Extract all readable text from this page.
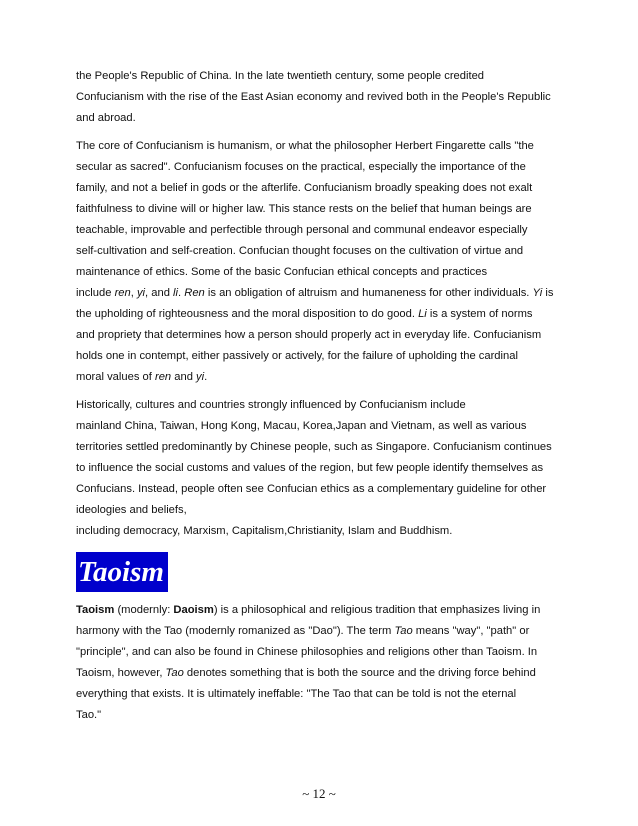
the People's Republic of China. In the late twentieth century, some people credited
Confucianism with the rise of the East Asian economy and revived both in the People's Republic
and abroad.

The core of Confucianism is humanism, or what the philosopher Herbert Fingarette calls "the
secular as sacred". Confucianism focuses on the practical, especially the importance of the
family, and not a belief in gods or the afterlife. Confucianism broadly speaking does not exalt
faithfulness to divine will or higher law. This stance rests on the belief that human beings are
teachable, improvable and perfectible through personal and communal endeavor especially
self-cultivation and self-creation. Confucian thought focuses on the cultivation of virtue and
maintenance of ethics. Some of the basic Confucian ethical concepts and practices
include ren, yi, and li. Ren is an obligation of altruism and humaneness for other individuals. Yi is
the upholding of righteousness and the moral disposition to do good. Li is a system of norms
and propriety that determines how a person should properly act in everyday life. Confucianism
holds one in contempt, either passively or actively, for the failure of upholding the cardinal
moral values of ren and yi.

Historically, cultures and countries strongly influenced by Confucianism include
mainland China, Taiwan, Hong Kong, Macau, Korea,Japan and Vietnam, as well as various
territories settled predominantly by Chinese people, such as Singapore. Confucianism continues
to influence the social customs and values of the region, but few people identify themselves as
Confucians. Instead, people often see Confucian ethics as a complementary guideline for other
ideologies and beliefs,
including democracy, Marxism, Capitalism,Christianity, Islam and Buddhism.

Taoism

Taoism (modernly: Daoism) is a philosophical and religious tradition that emphasizes living in
harmony with the Tao (modernly romanized as "Dao"). The term Tao means "way", "path" or
"principle", and can also be found in Chinese philosophies and religions other than Taoism. In
Taoism, however, Tao denotes something that is both the source and the driving force behind
everything that exists. It is ultimately ineffable: "The Tao that can be told is not the eternal
Tao."

~ 12 ~
